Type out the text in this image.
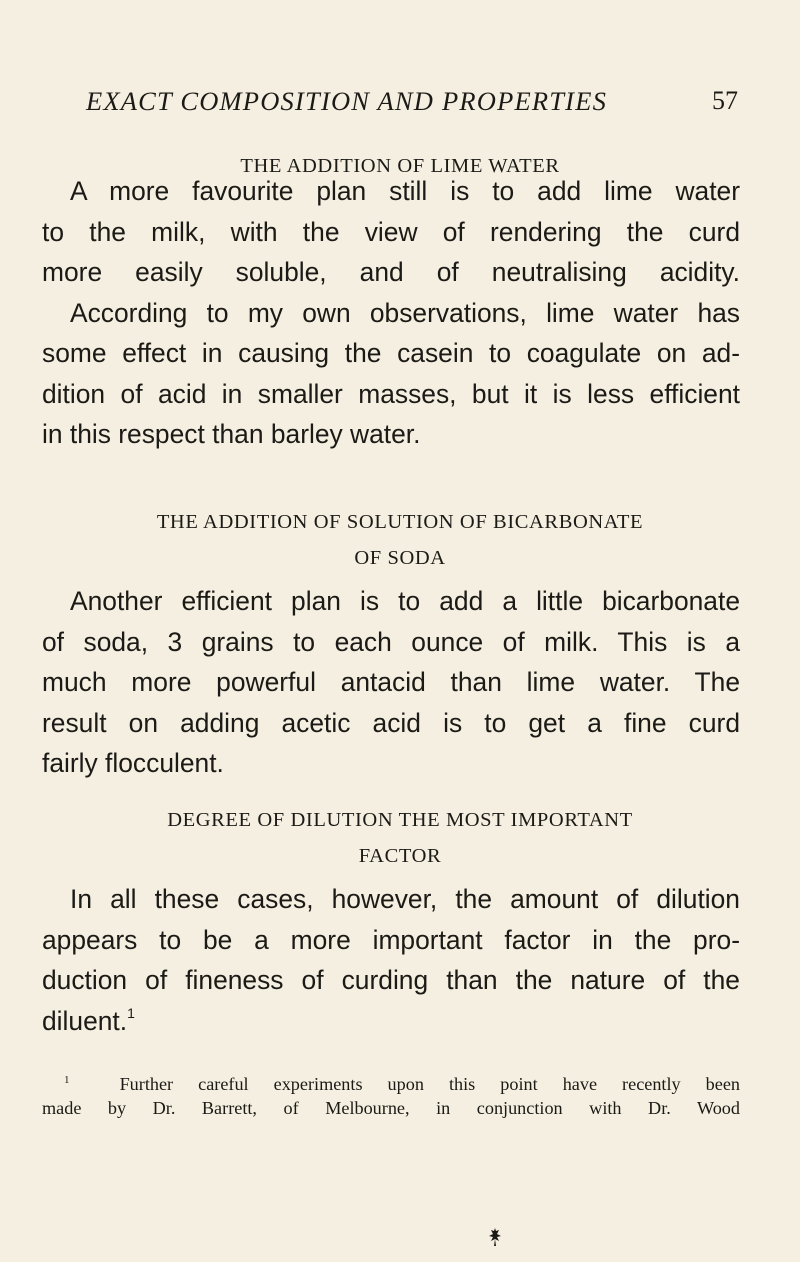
EXACT COMPOSITION AND PROPERTIES	57
THE ADDITION OF LIME WATER
A more favourite plan still is to add lime water
to the milk, with the view of rendering the curd
more easily soluble, and of neutralising acidity.
According to my own observations, lime water has
some effect in causing the casein to coagulate on ad-
dition of acid in smaller masses, but it is less efficient
in this respect than barley water.
THE ADDITION OF SOLUTION OF BICARBONATE
OF SODA
Another efficient plan is to add a little bicarbonate
of soda, 3 grains to each ounce of milk. This is a
much more powerful antacid than lime water. The
result on adding acetic acid is to get a fine curd
fairly flocculent.
DEGREE OF DILUTION THE MOST IMPORTANT
FACTOR
In all these cases, however, the amount of dilution
appears to be a more important factor in the pro-
duction of fineness of curding than the nature of the
diluent.$^1$
$^1$	Further careful experiments upon this point have recently been
made by Dr. Barrett, of Melbourne, in conjunction with Dr. Wood
